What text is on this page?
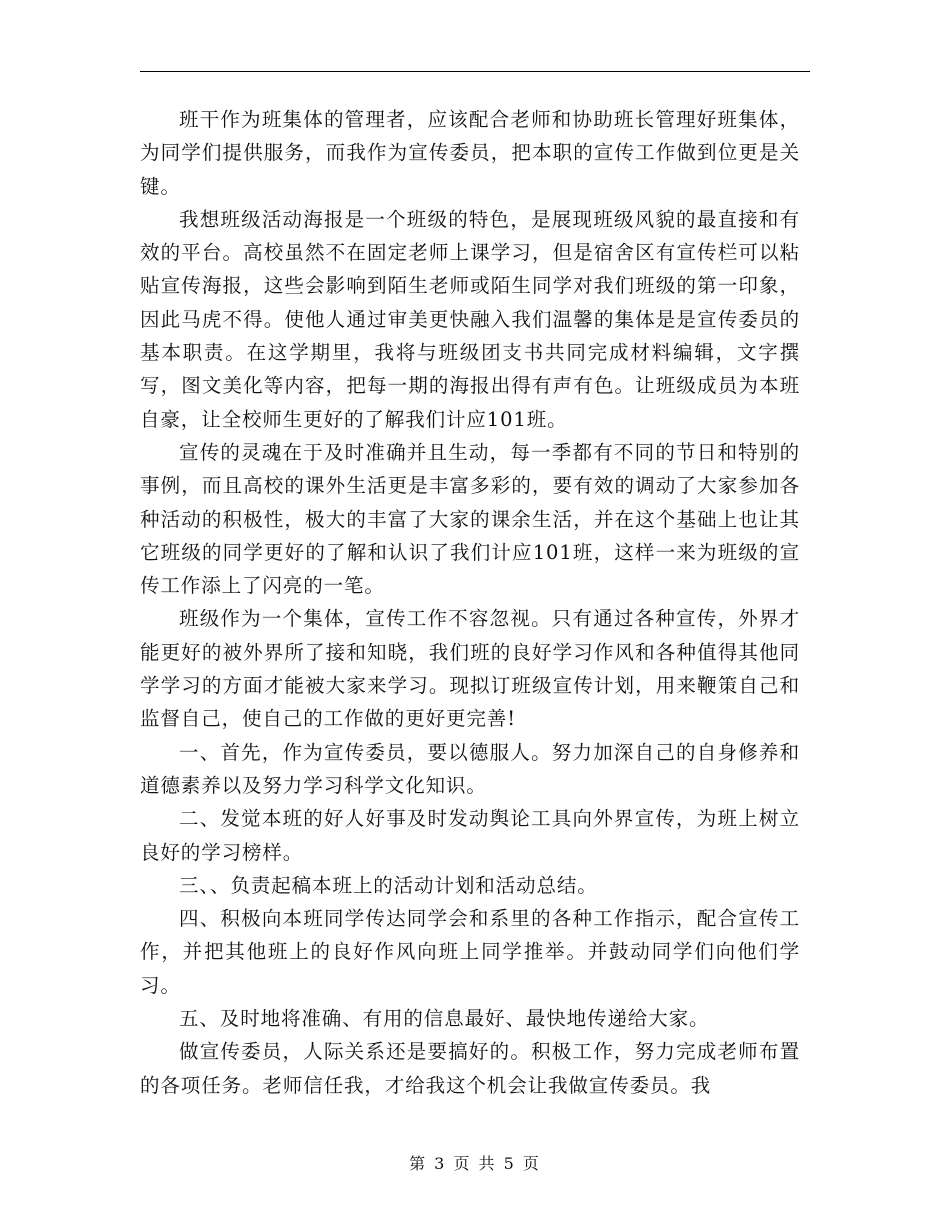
班干作为班集体的管理者，应该配合老师和协助班长管理好班集体，为同学们提供服务，而我作为宣传委员，把本职的宣传工作做到位更是关键。

我想班级活动海报是一个班级的特色，是展现班级风貌的最直接和有效的平台。高校虽然不在固定老师上课学习，但是宿舍区有宣传栏可以粘贴宣传海报，这些会影响到陌生老师或陌生同学对我们班级的第一印象，因此马虎不得。使他人通过审美更快融入我们温馨的集体是是宣传委员的基本职责。在这学期里，我将与班级团支书共同完成材料编辑，文字撰写，图文美化等内容，把每一期的海报出得有声有色。让班级成员为本班自豪，让全校师生更好的了解我们计应101班。

宣传的灵魂在于及时准确并且生动，每一季都有不同的节日和特别的事例，而且高校的课外生活更是丰富多彩的，要有效的调动了大家参加各种活动的积极性，极大的丰富了大家的课余生活，并在这个基础上也让其它班级的同学更好的了解和认识了我们计应101班，这样一来为班级的宣传工作添上了闪亮的一笔。

班级作为一个集体，宣传工作不容忽视。只有通过各种宣传，外界才能更好的被外界所了接和知晓，我们班的良好学习作风和各种值得其他同学学习的方面才能被大家来学习。现拟订班级宣传计划，用来鞭策自己和监督自己，使自己的工作做的更好更完善!

一、首先，作为宣传委员，要以德服人。努力加深自己的自身修养和道德素养以及努力学习科学文化知识。

二、发觉本班的好人好事及时发动舆论工具向外界宣传，为班上树立良好的学习榜样。

三、、负责起稿本班上的活动计划和活动总结。

四、积极向本班同学传达同学会和系里的各种工作指示，配合宣传工作，并把其他班上的良好作风向班上同学推举。并鼓动同学们向他们学习。

五、及时地将准确、有用的信息最好、最快地传递给大家。

做宣传委员，人际关系还是要搞好的。积极工作，努力完成老师布置的各项任务。老师信任我，才给我这个机会让我做宣传委员。我

第 3 页 共 5 页
